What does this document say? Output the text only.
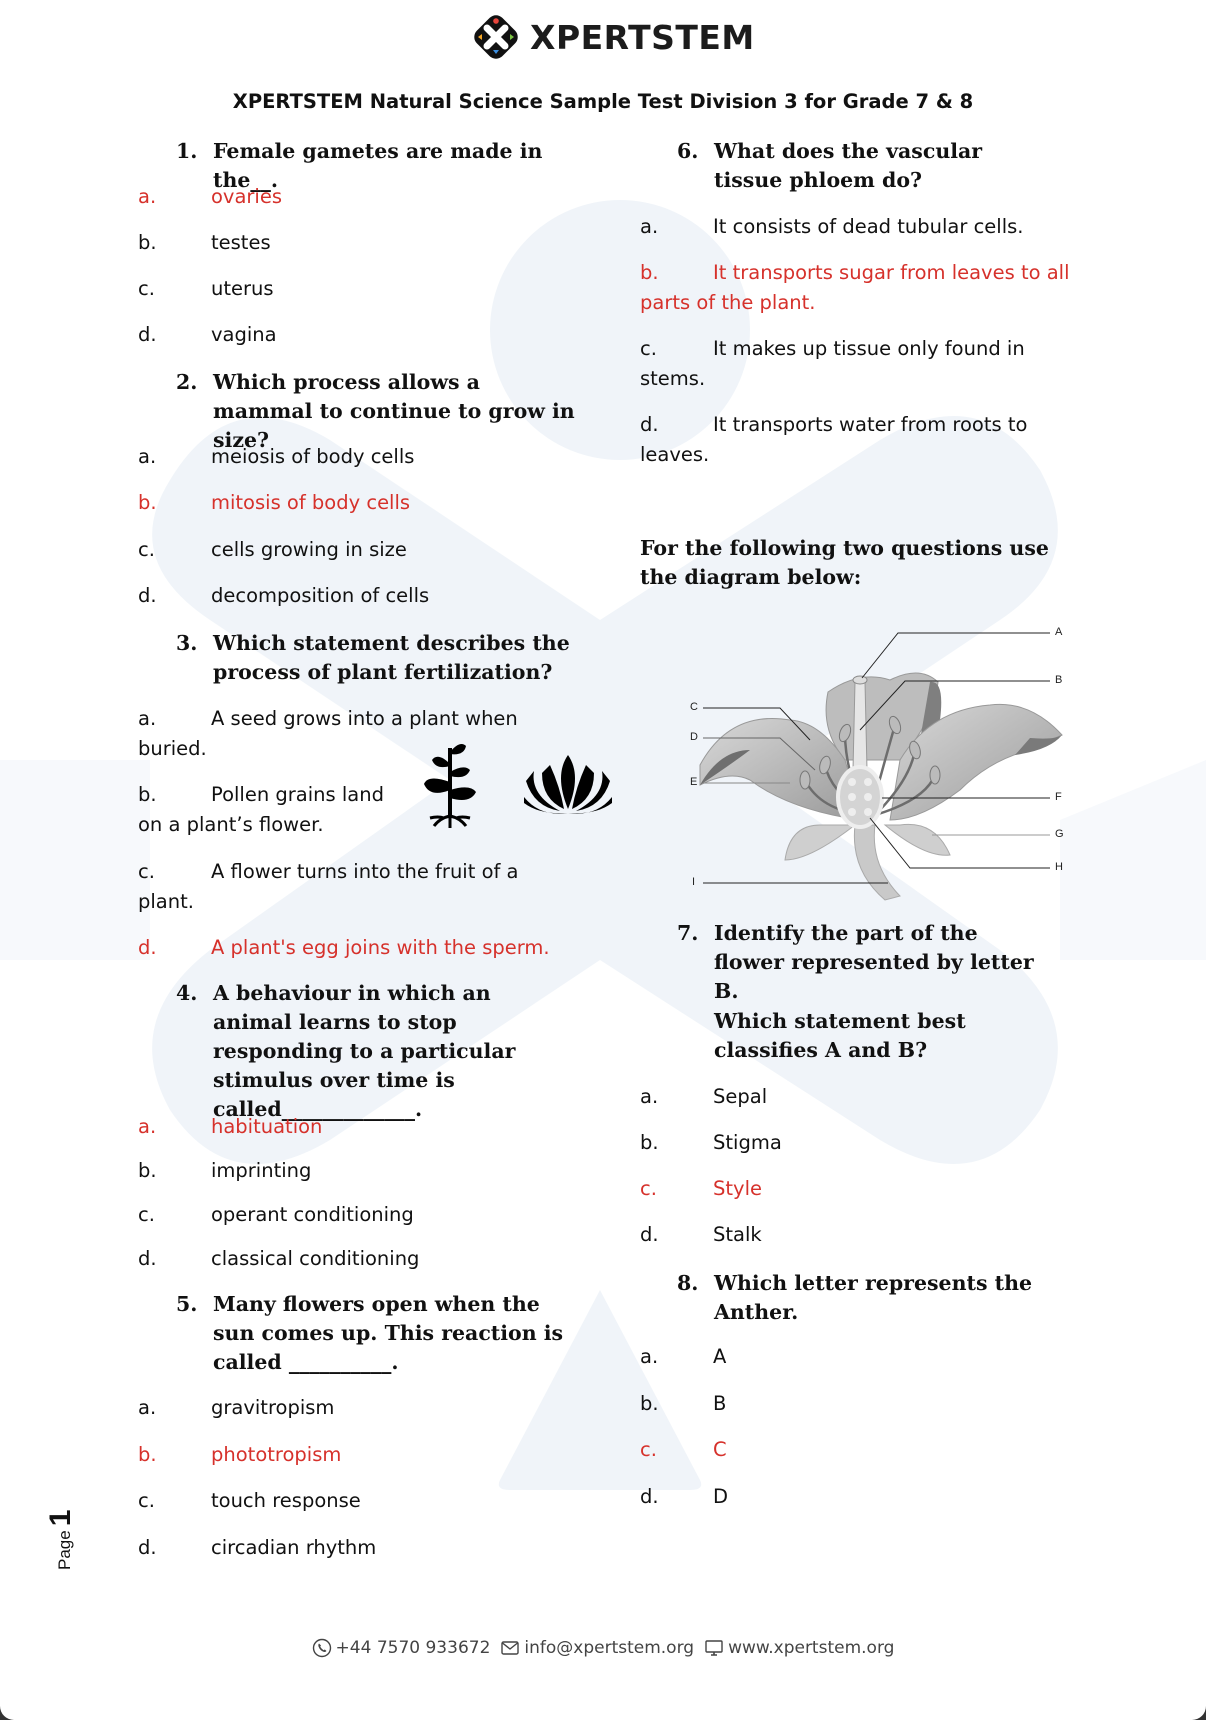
XPERTSTEM
XPERTSTEM Natural Science Sample Test Division 3 for Grade 7 & 8
1. Female gametes are made in the__.
a.	ovaries
b.	testes
c.	uterus
d.	vagina
2. Which process allows a mammal to continue to grow in size?
a.	meiosis of body cells
b.	mitosis of body cells
c.	cells growing in size
d.	decomposition of cells
3. Which statement describes the process of plant fertilization?
a.	A seed grows into a plant when
buried.
b.	Pollen grains land
on a plant’s flower.
c.	A flower turns into the fruit of a
plant.
d.	A plant's egg joins with the sperm.
4. A behaviour in which an animal learns to stop responding to a particular stimulus over time is called_____________.
a.	habituation
b.	imprinting
c.	operant conditioning
d.	classical conditioning
5. Many flowers open when the sun comes up. This reaction is called __________.
a.	gravitropism
b.	phototropism
c.	touch response
d.	circadian rhythm
6. What does the vascular tissue phloem do?
a.	It consists of dead tubular cells.
b.	It transports sugar from leaves to all
parts of the plant.
c.	It makes up tissue only found in
stems.
d.	It transports water from roots to
leaves.
For the following two questions use the diagram below:
A
B
C
D
E
F
G
H
I
7. Identify the part of the flower represented by letter B.
Which statement best classifies A and B?
a.	Sepal
b.	Stigma
c.	Style
d.	Stalk
8. Which letter represents the Anther.
a.	A
b.	B
c.	C
d.	D
Page
1
+44 7570 933672 info@xpertstem.org www.xpertstem.org
